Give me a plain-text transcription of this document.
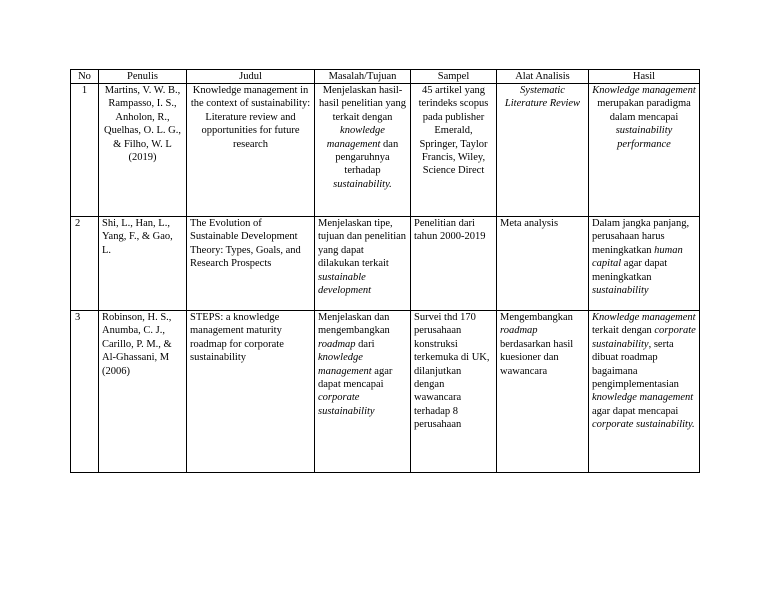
No	Penulis	Judul	Masalah/Tujuan	Sampel	Alat Analisis	Hasil
1	Martins, V. W. B., Rampasso, I. S., Anholon, R., Quelhas, O. L. G., & Filho, W. L (2019)	Knowledge management in the context of sustainability: Literature review and opportunities for future research	Menjelaskan hasil-hasil penelitian yang terkait dengan knowledge management dan pengaruhnya terhadap sustainability.	45 artikel yang terindeks scopus pada publisher Emerald, Springer, Taylor Francis, Wiley, Science Direct	Systematic Literature Review	Knowledge management merupakan paradigma dalam mencapai sustainability performance
2	Shi, L., Han, L., Yang, F., & Gao, L.	The Evolution of Sustainable Development Theory: Types, Goals, and Research Prospects	Menjelaskan tipe, tujuan dan penelitian yang dapat dilakukan terkait sustainable development	Penelitian dari tahun 2000-2019	Meta analysis	Dalam jangka panjang, perusahaan harus meningkatkan human capital agar dapat meningkatkan sustainability
3	Robinson, H. S., Anumba, C. J., Carillo, P. M., & Al-Ghassani, M (2006)	STEPS: a knowledge management maturity roadmap for corporate sustainability	Menjelaskan dan mengembangkan roadmap dari knowledge management agar dapat mencapai corporate sustainability	Survei thd 170 perusahaan konstruksi terkemuka di UK, dilanjutkan dengan wawancara terhadap 8 perusahaan	Mengembangkan roadmap berdasarkan hasil kuesioner dan wawancara	Knowledge management terkait dengan corporate sustainability, serta dibuat roadmap bagaimana pengimplementasian knowledge management agar dapat mencapai corporate sustainability.
